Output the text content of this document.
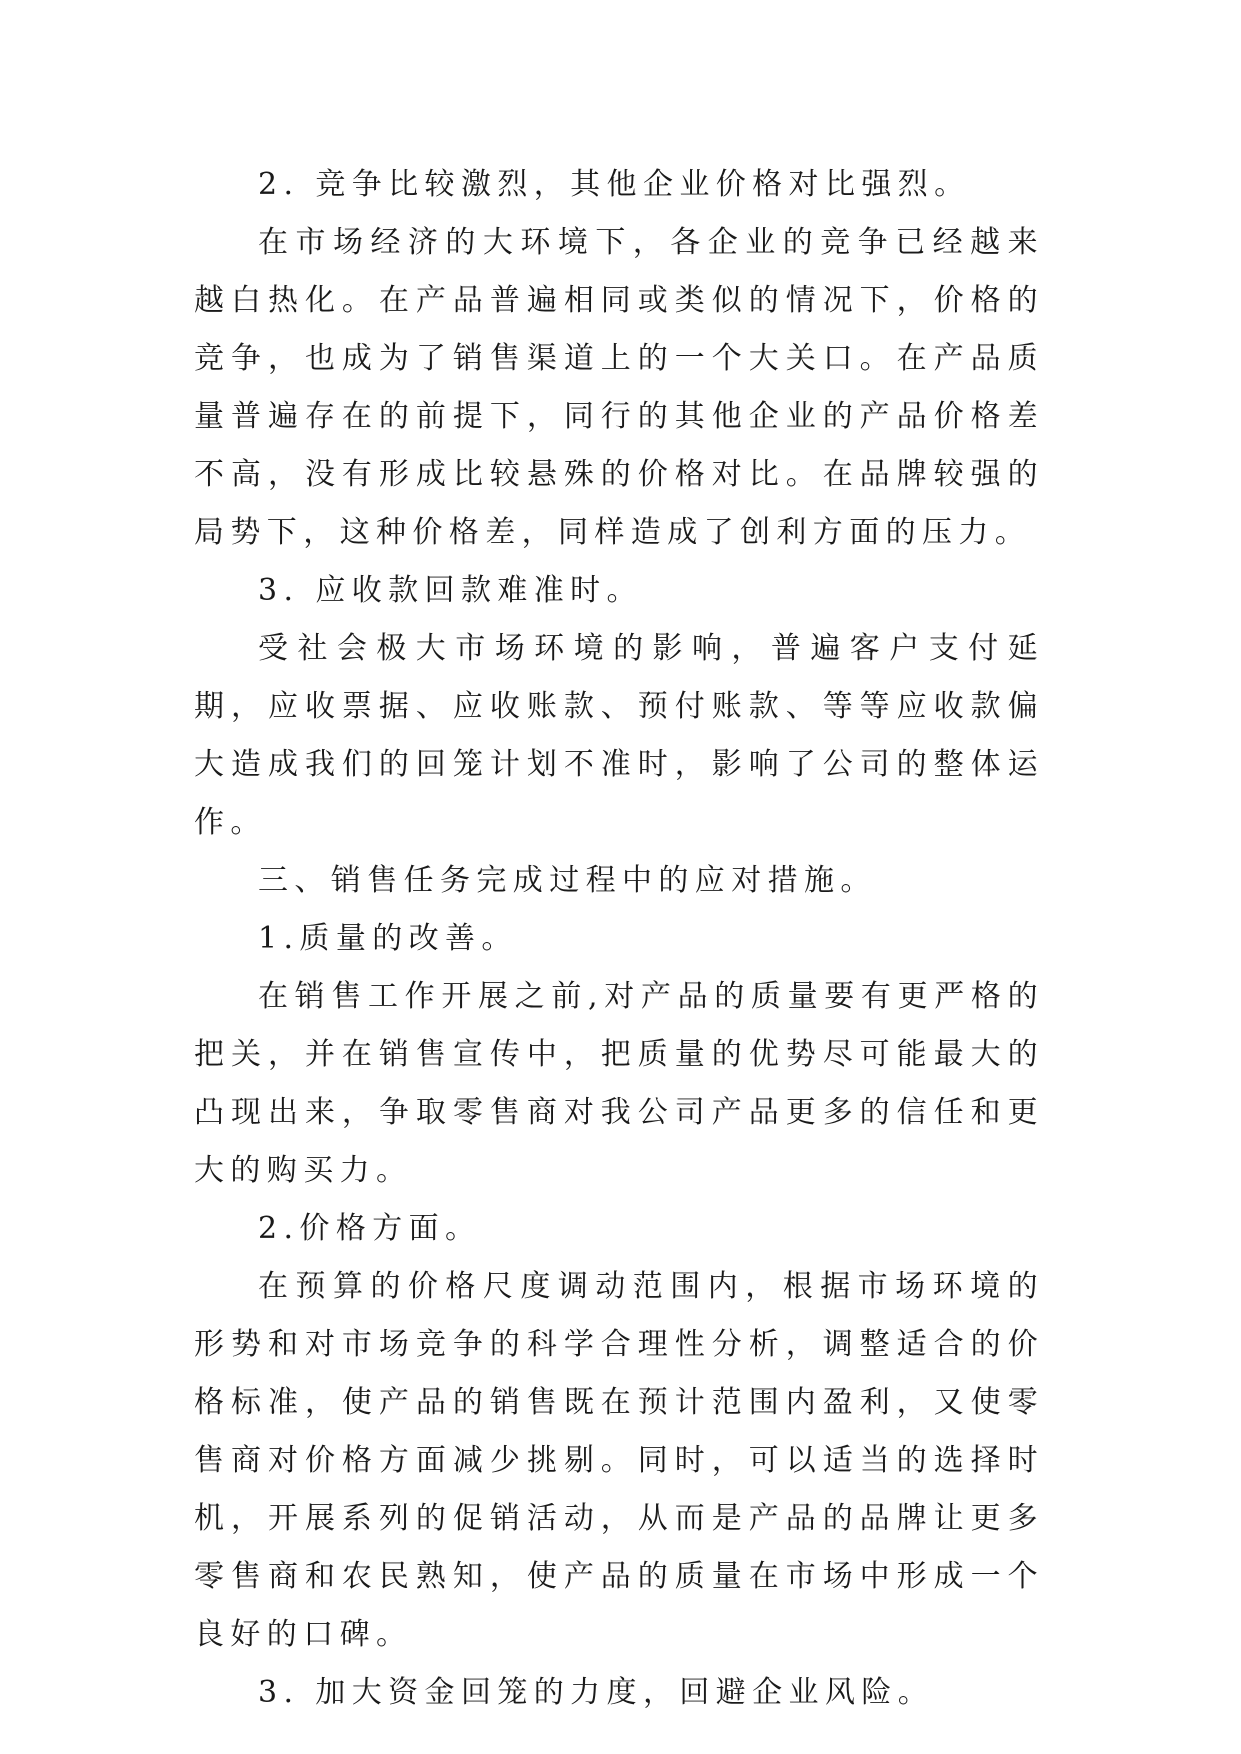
2. 竞争比较激烈，其他企业价格对比强烈。

在市场经济的大环境下，各企业的竞争已经越来越白热化。在产品普遍相同或类似的情况下，价格的竞争，也成为了销售渠道上的一个大关口。在产品质量普遍存在的前提下，同行的其他企业的产品价格差不高，没有形成比较悬殊的价格对比。在品牌较强的局势下，这种价格差，同样造成了创利方面的压力。

3. 应收款回款难准时。

受社会极大市场环境的影响，普遍客户支付延期，应收票据、应收账款、预付账款、等等应收款偏大造成我们的回笼计划不准时，影响了公司的整体运作。

三、销售任务完成过程中的应对措施。

1.质量的改善。

在销售工作开展之前,对产品的质量要有更严格的把关，并在销售宣传中，把质量的优势尽可能最大的凸现出来，争取零售商对我公司产品更多的信任和更大的购买力。

2.价格方面。

在预算的价格尺度调动范围内，根据市场环境的形势和对市场竞争的科学合理性分析，调整适合的价格标准，使产品的销售既在预计范围内盈利，又使零售商对价格方面减少挑剔。同时，可以适当的选择时机，开展系列的促销活动，从而是产品的品牌让更多零售商和农民熟知，使产品的质量在市场中形成一个良好的口碑。

3. 加大资金回笼的力度，回避企业风险。
